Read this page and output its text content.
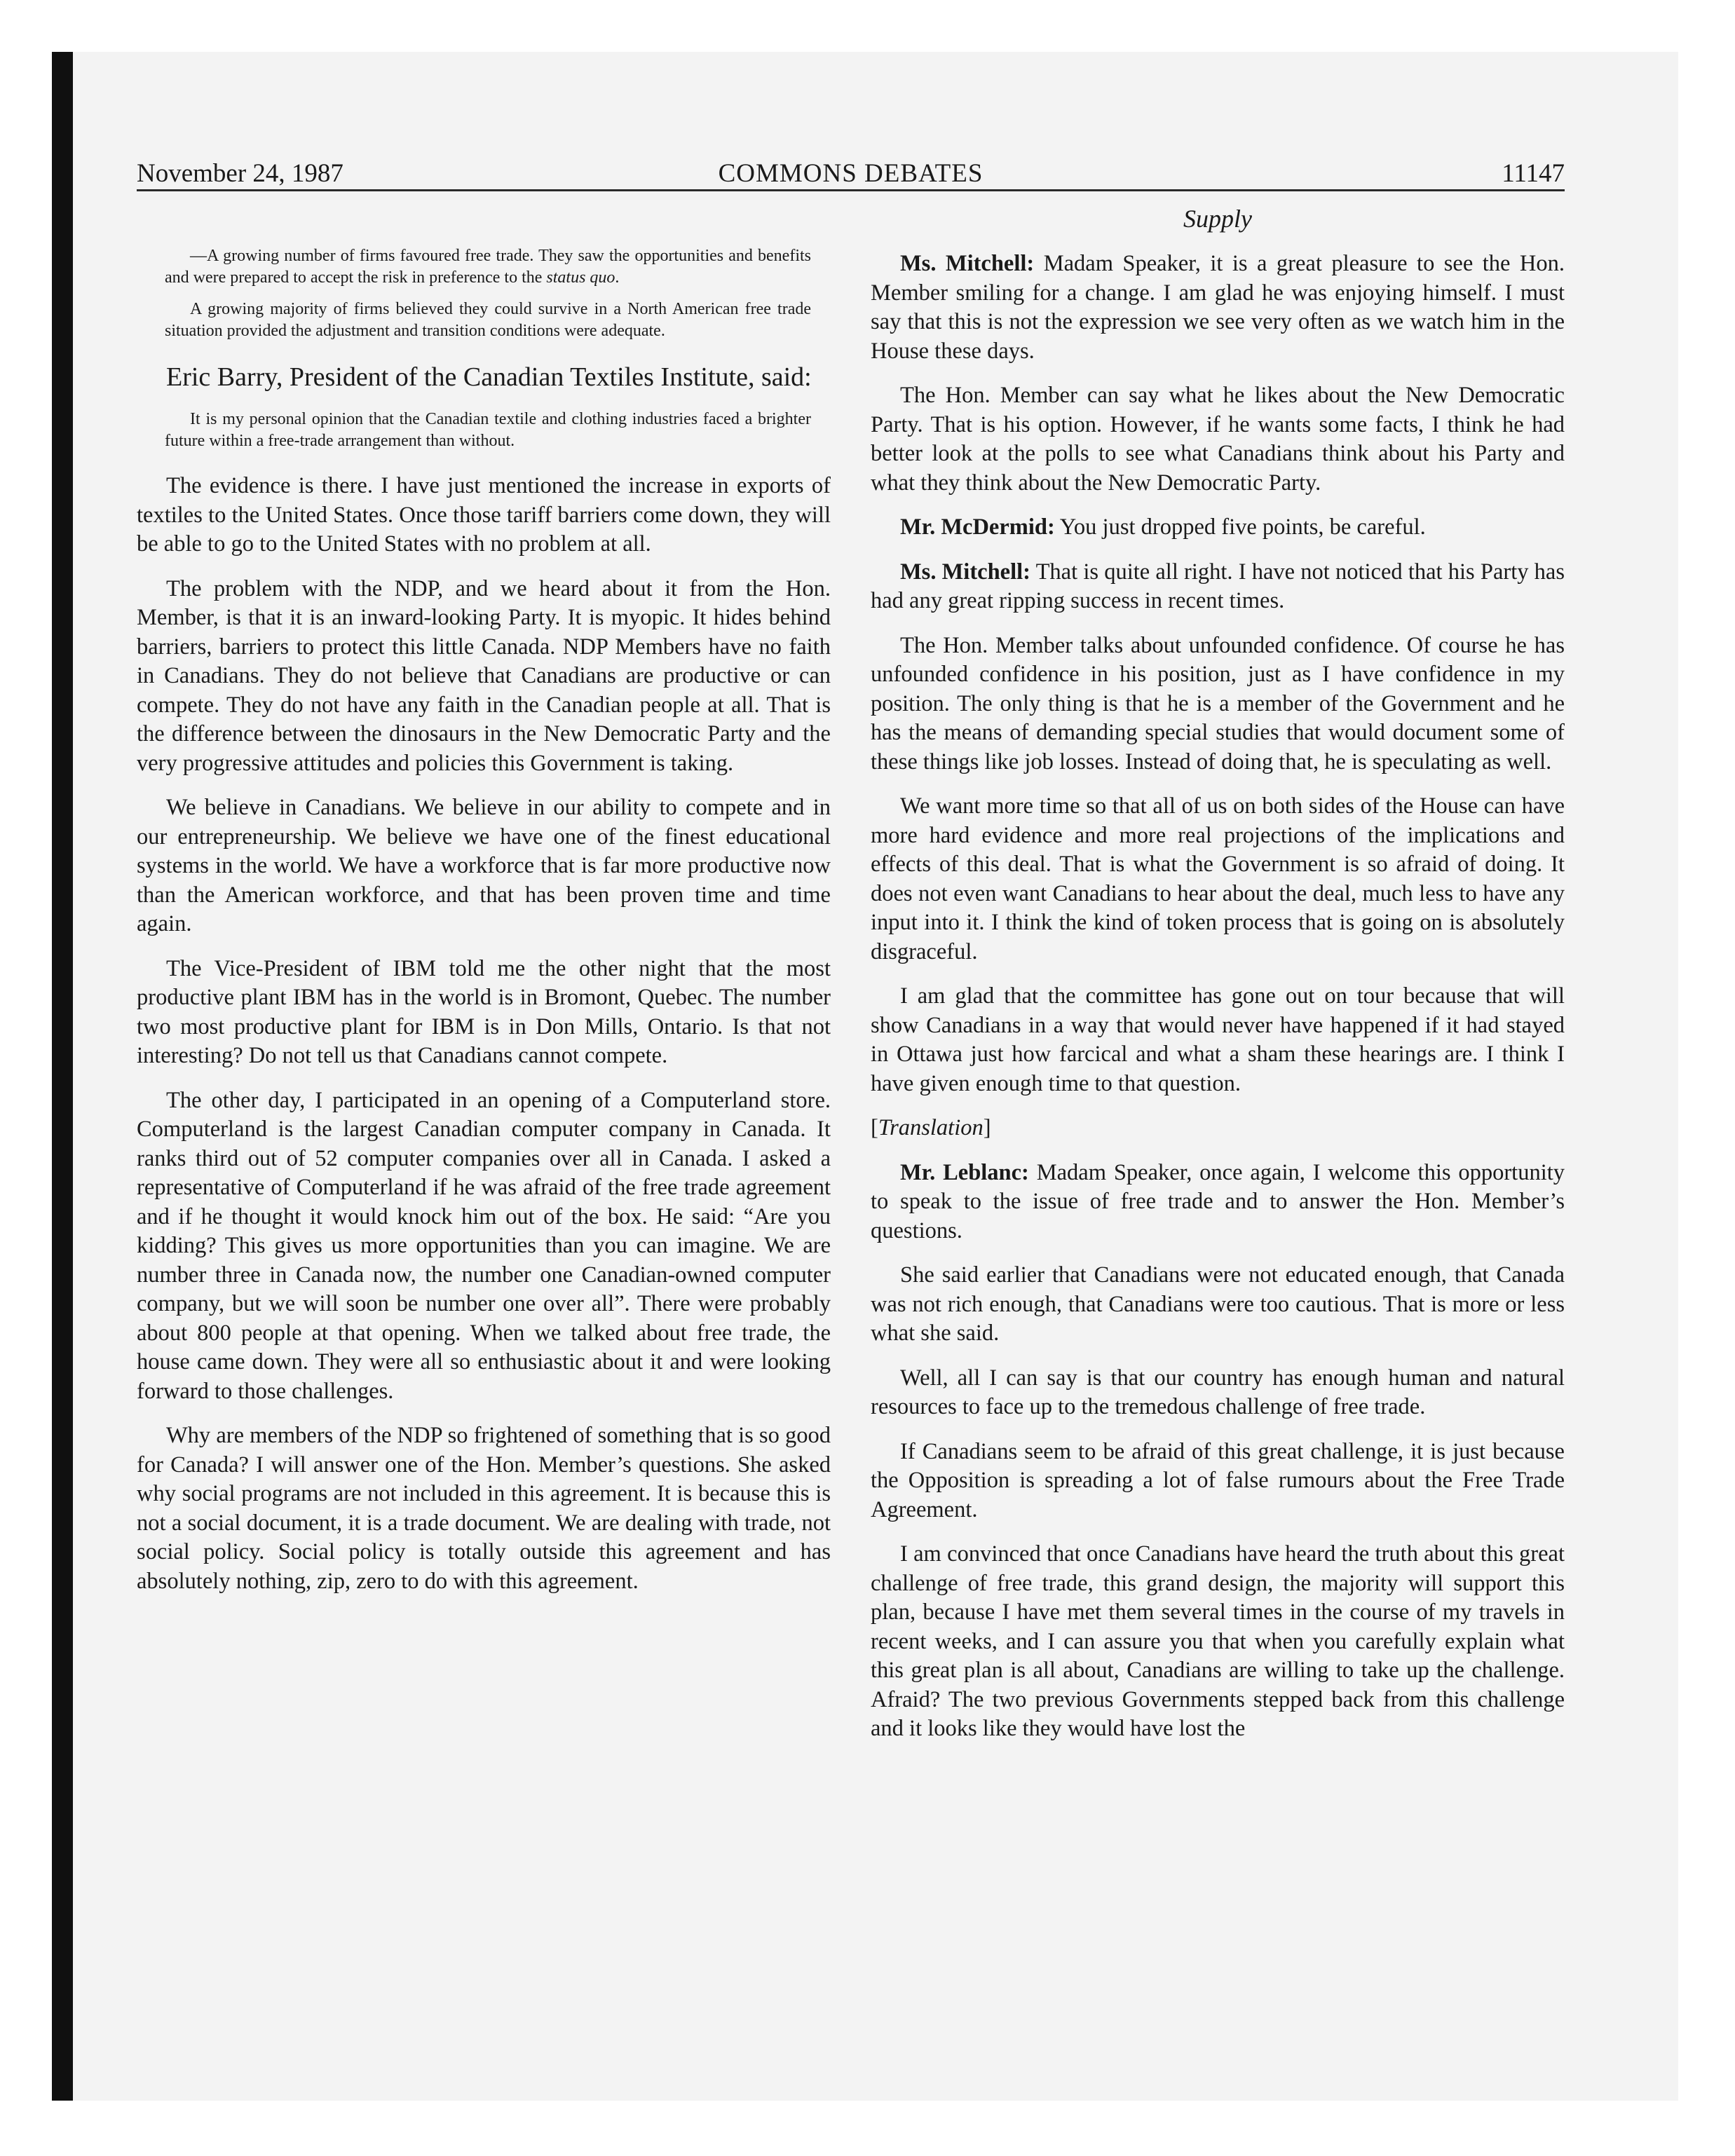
November 24, 1987	COMMONS DEBATES	11147

—A growing number of firms favoured free trade. They saw the opportunities and benefits and were prepared to accept the risk in preference to the status quo.

A growing majority of firms believed they could survive in a North American free trade situation provided the adjustment and transition conditions were adequate.

Eric Barry, President of the Canadian Textiles Institute, said:

It is my personal opinion that the Canadian textile and clothing industries faced a brighter future within a free-trade arrangement than without.

The evidence is there. I have just mentioned the increase in exports of textiles to the United States. Once those tariff barriers come down, they will be able to go to the United States with no problem at all.

The problem with the NDP, and we heard about it from the Hon. Member, is that it is an inward-looking Party. It is myopic. It hides behind barriers, barriers to protect this little Canada. NDP Members have no faith in Canadians. They do not believe that Canadians are productive or can compete. They do not have any faith in the Canadian people at all. That is the difference between the dinosaurs in the New Democratic Party and the very progressive attitudes and policies this Government is taking.

We believe in Canadians. We believe in our ability to compete and in our entrepreneurship. We believe we have one of the finest educational systems in the world. We have a workforce that is far more productive now than the American workforce, and that has been proven time and time again.

The Vice-President of IBM told me the other night that the most productive plant IBM has in the world is in Bromont, Quebec. The number two most productive plant for IBM is in Don Mills, Ontario. Is that not interesting? Do not tell us that Canadians cannot compete.

The other day, I participated in an opening of a Computerland store. Computerland is the largest Canadian computer company in Canada. It ranks third out of 52 computer companies over all in Canada. I asked a representative of Computerland if he was afraid of the free trade agreement and if he thought it would knock him out of the box. He said: “Are you kidding? This gives us more opportunities than you can imagine. We are number three in Canada now, the number one Canadian-owned computer company, but we will soon be number one over all”. There were probably about 800 people at that opening. When we talked about free trade, the house came down. They were all so enthusiastic about it and were looking forward to those challenges.

Why are members of the NDP so frightened of something that is so good for Canada? I will answer one of the Hon. Member’s questions. She asked why social programs are not included in this agreement. It is because this is not a social document, it is a trade document. We are dealing with trade, not social policy. Social policy is totally outside this agreement and has absolutely nothing, zip, zero to do with this agreement.

Supply

Ms. Mitchell: Madam Speaker, it is a great pleasure to see the Hon. Member smiling for a change. I am glad he was enjoying himself. I must say that this is not the expression we see very often as we watch him in the House these days.

The Hon. Member can say what he likes about the New Democratic Party. That is his option. However, if he wants some facts, I think he had better look at the polls to see what Canadians think about his Party and what they think about the New Democratic Party.

Mr. McDermid: You just dropped five points, be careful.

Ms. Mitchell: That is quite all right. I have not noticed that his Party has had any great ripping success in recent times.

The Hon. Member talks about unfounded confidence. Of course he has unfounded confidence in his position, just as I have confidence in my position. The only thing is that he is a member of the Government and he has the means of demanding special studies that would document some of these things like job losses. Instead of doing that, he is speculating as well.

We want more time so that all of us on both sides of the House can have more hard evidence and more real projections of the implications and effects of this deal. That is what the Government is so afraid of doing. It does not even want Canadians to hear about the deal, much less to have any input into it. I think the kind of token process that is going on is absolutely disgraceful.

I am glad that the committee has gone out on tour because that will show Canadians in a way that would never have happened if it had stayed in Ottawa just how farcical and what a sham these hearings are. I think I have given enough time to that question.

[Translation]

Mr. Leblanc: Madam Speaker, once again, I welcome this opportunity to speak to the issue of free trade and to answer the Hon. Member’s questions.

She said earlier that Canadians were not educated enough, that Canada was not rich enough, that Canadians were too cautious. That is more or less what she said.

Well, all I can say is that our country has enough human and natural resources to face up to the tremedous challenge of free trade.

If Canadians seem to be afraid of this great challenge, it is just because the Opposition is spreading a lot of false rumours about the Free Trade Agreement.

I am convinced that once Canadians have heard the truth about this great challenge of free trade, this grand design, the majority will support this plan, because I have met them several times in the course of my travels in recent weeks, and I can assure you that when you carefully explain what this great plan is all about, Canadians are willing to take up the challenge. Afraid? The two previous Governments stepped back from this challenge and it looks like they would have lost the
